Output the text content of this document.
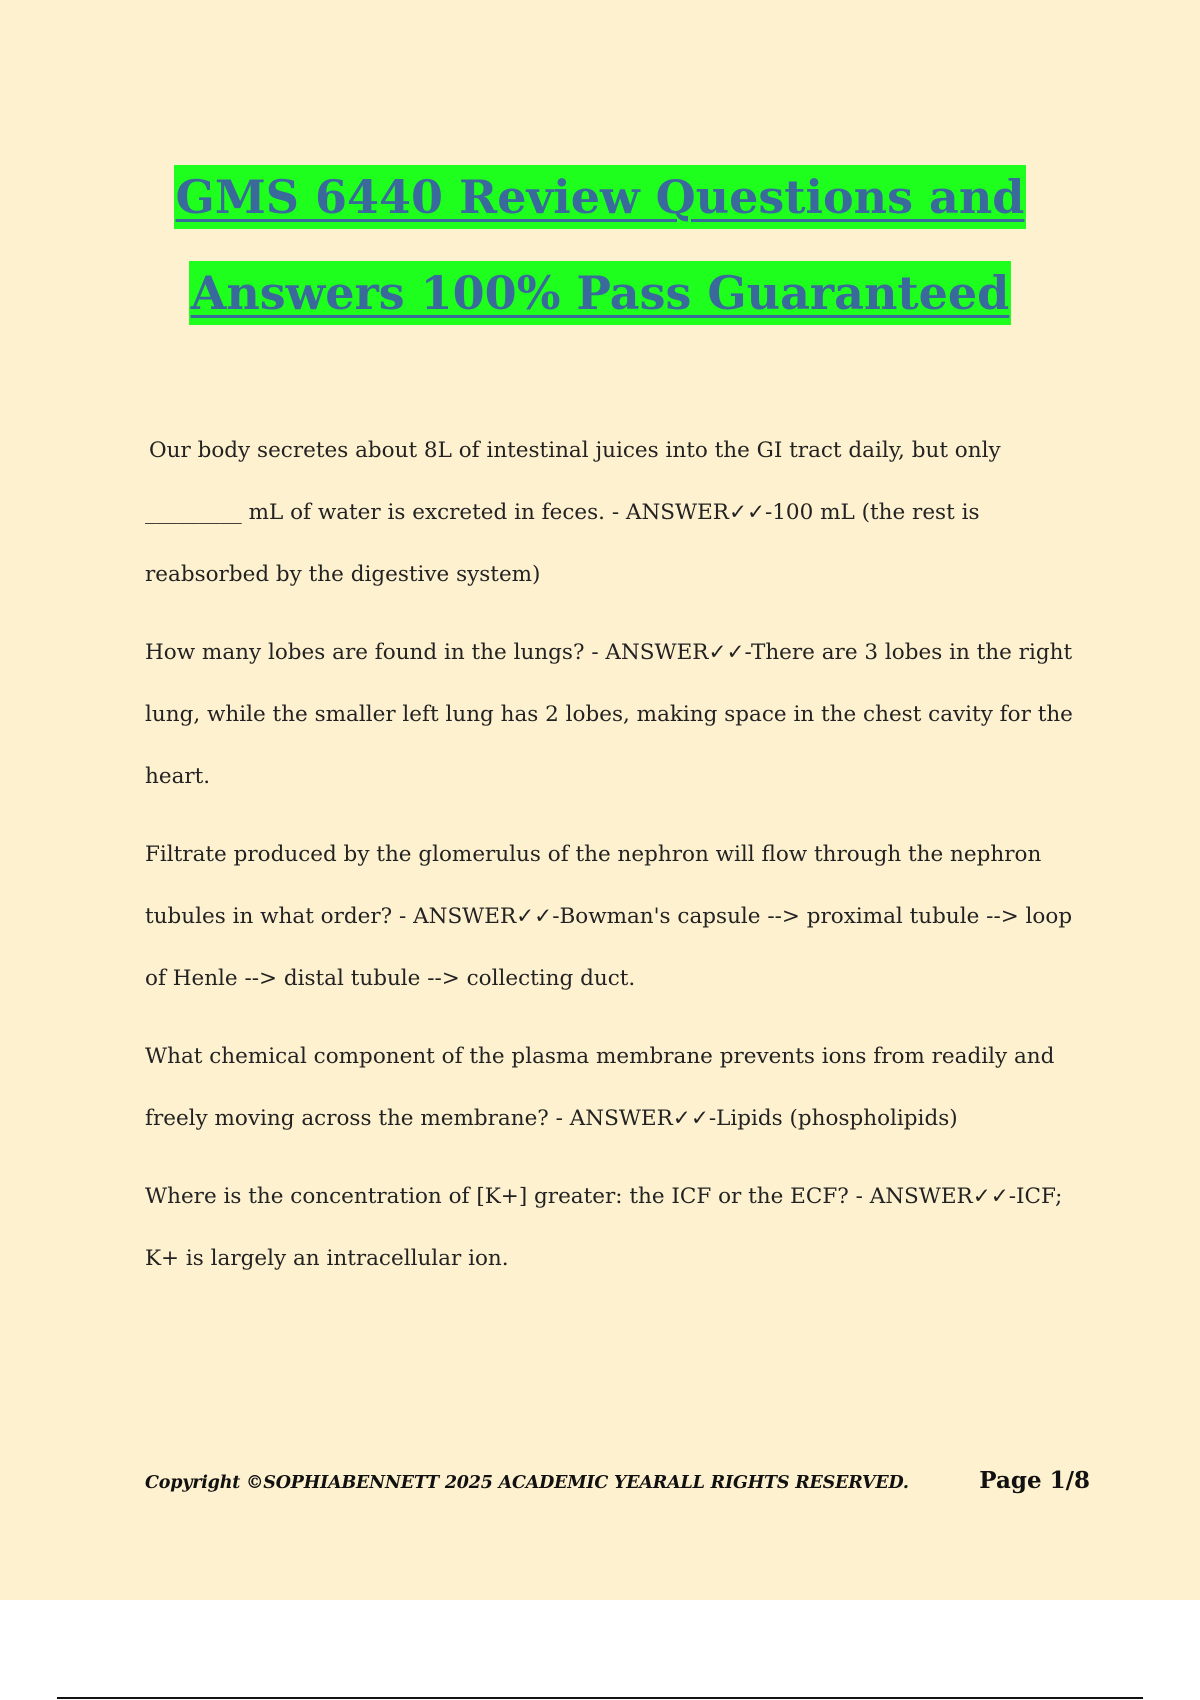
GMS 6440 Review Questions and
Answers 100% Pass Guaranteed

Our body secretes about 8L of intestinal juices into the GI tract daily, but only _________ mL of water is excreted in feces. - ANSWER✓✓-100 mL (the rest is reabsorbed by the digestive system)

How many lobes are found in the lungs? - ANSWER✓✓-There are 3 lobes in the right lung, while the smaller left lung has 2 lobes, making space in the chest cavity for the heart.

Filtrate produced by the glomerulus of the nephron will flow through the nephron tubules in what order? - ANSWER✓✓-Bowman's capsule --> proximal tubule --> loop of Henle --> distal tubule --> collecting duct.

What chemical component of the plasma membrane prevents ions from readily and freely moving across the membrane? - ANSWER✓✓-Lipids (phospholipids)

Where is the concentration of [K+] greater: the ICF or the ECF? - ANSWER✓✓-ICF; K+ is largely an intracellular ion.

Copyright ©SOPHIABENNETT 2025 ACADEMIC YEARALL RIGHTS RESERVED.	Page 1/8
